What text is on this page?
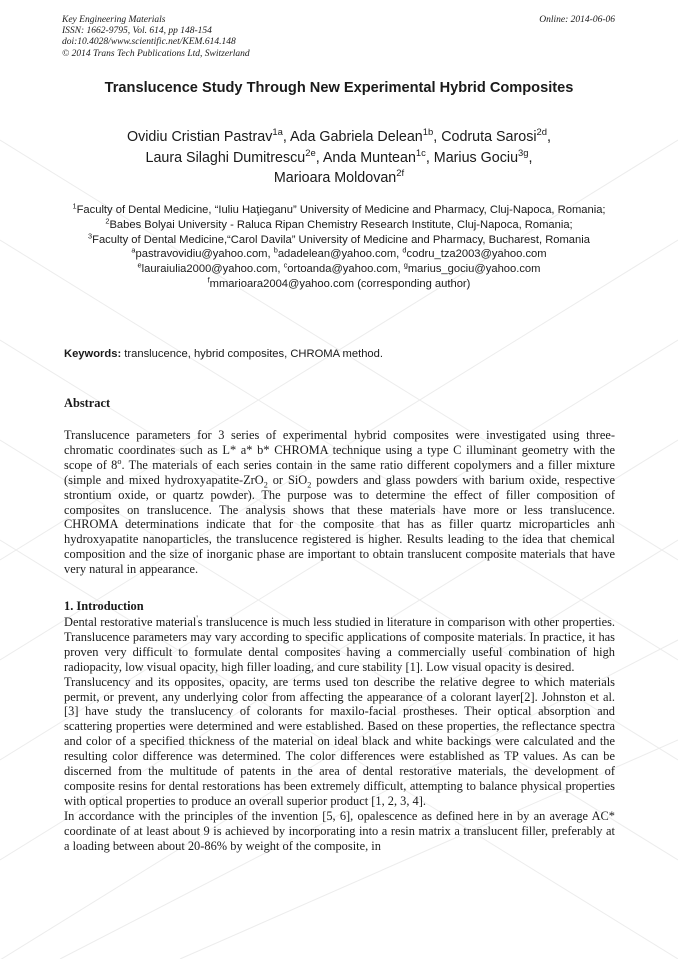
Key Engineering Materials
ISSN: 1662-9795, Vol. 614, pp 148-154
doi:10.4028/www.scientific.net/KEM.614.148
© 2014 Trans Tech Publications Ltd, Switzerland
Online: 2014-06-06
Translucence Study Through New Experimental Hybrid Composites
Ovidiu Cristian Pastrav$^{1a}$, Ada Gabriela Delean$^{1b}$, Codruta Sarosi$^{2d}$,
Laura Silaghi Dumitrescu$^{2e}$, Anda Muntean$^{1c}$, Marius Gociu$^{3g}$,
Marioara Moldovan$^{2f}$
$^1$Faculty of Dental Medicine, “Iuliu Haţieganu” University of Medicine and Pharmacy, Cluj-Napoca, Romania;
$^2$Babes Bolyai University - Raluca Ripan Chemistry Research Institute, Cluj-Napoca, Romania;
$^3$Faculty of Dental Medicine,“Carol Davila” University of Medicine and Pharmacy, Bucharest, Romania
$^a$pastravovidiu@yahoo.com, $^b$adadelean@yahoo.com, $^d$codru_tza2003@yahoo.com
$^e$lauraiulia2000@yahoo.com, $^c$ortoanda@yahoo.com, $^g$marius_gociu@yahoo.com
$^f$mmarioara2004@yahoo.com (corresponding author)
Keywords: translucence, hybrid composites, CHROMA method.
Abstract

Translucence parameters for 3 series of experimental hybrid composites were investigated using three-chromatic coordinates such as L* a* b* CHROMA technique using a type C illuminant geometry with the scope of 8$^o$. The materials of each series contain in the same ratio different copolymers and a filler mixture (simple and mixed hydroxyapatite-ZrO$_2$ or SiO$_2$ powders and glass powders with barium oxide, respective strontium oxide, or quartz powder). The purpose was to determine the effect of filler composition of composites on translucence. The analysis shows that these materials have more or less translucence. CHROMA determinations indicate that for the composite that has as filler quartz microparticles anh hydroxyapatite nanoparticles, the translucence registered is higher. Results leading to the idea that chemical composition and the size of inorganic phase are important to obtain translucent composite materials that have very natural in appearance.

1. Introduction

Dental restorative material's translucence is much less studied in literature in comparison with other properties. Translucence parameters may vary according to specific applications of composite materials. In practice, it has proven very difficult to formulate dental composites having a commercially useful combination of high radiopacity, low visual opacity, high filler loading, and cure stability [1]. Low visual opacity is desired.

Translucency and its opposites, opacity, are terms used ton describe the relative degree to which materials permit, or prevent, any underlying color from affecting the appearance of a colorant layer[2]. Johnston et al. [3] have study the translucency of colorants for maxilo-facial prostheses. Their optical absorption and scattering properties were determined and were established. Based on these properties, the reflectance spectra and color of a specified thickness of the material on ideal black and white backings were calculated and the resulting color difference was determined. The color differences were established as TP values. As can be discerned from the multitude of patents in the area of dental restorative materials, the development of composite resins for dental restorations has been extremely difficult, attempting to balance physical properties with optical properties to produce an overall superior product [1, 2, 3, 4].

In accordance with the principles of the invention [5, 6], opalescence as defined here in by an average AC* coordinate of at least about 9 is achieved by incorporating into a resin matrix a translucent filler, preferably at a loading between about 20-86% by weight of the composite, in
